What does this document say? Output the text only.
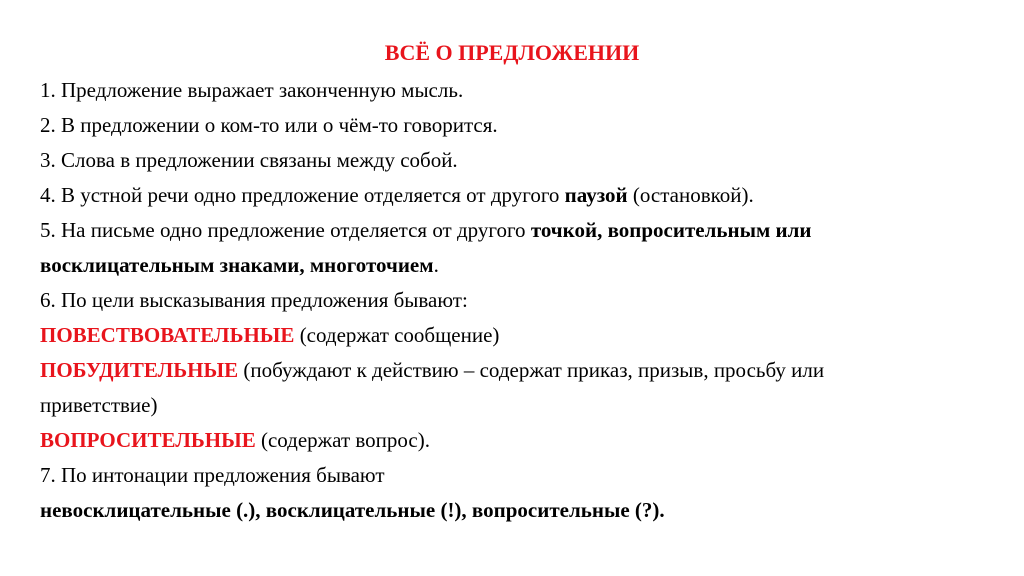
ВСЁ О ПРЕДЛОЖЕНИИ
1. Предложение выражает законченную мысль.
2. В предложении о ком-то или о чём-то говорится.
3. Слова в предложении связаны между собой.
4. В устной речи одно предложение отделяется от другого паузой (остановкой).
5. На письме одно предложение отделяется от другого точкой, вопросительным или
восклицательным знаками, многоточием.
6. По цели высказывания предложения бывают:
ПОВЕСТВОВАТЕЛЬНЫЕ (содержат сообщение)
ПОБУДИТЕЛЬНЫЕ (побуждают к действию – содержат приказ, призыв, просьбу или
приветствие)
ВОПРОСИТЕЛЬНЫЕ (содержат вопрос).
7. По интонации предложения бывают
невосклицательные (.), восклицательные (!), вопросительные (?).
